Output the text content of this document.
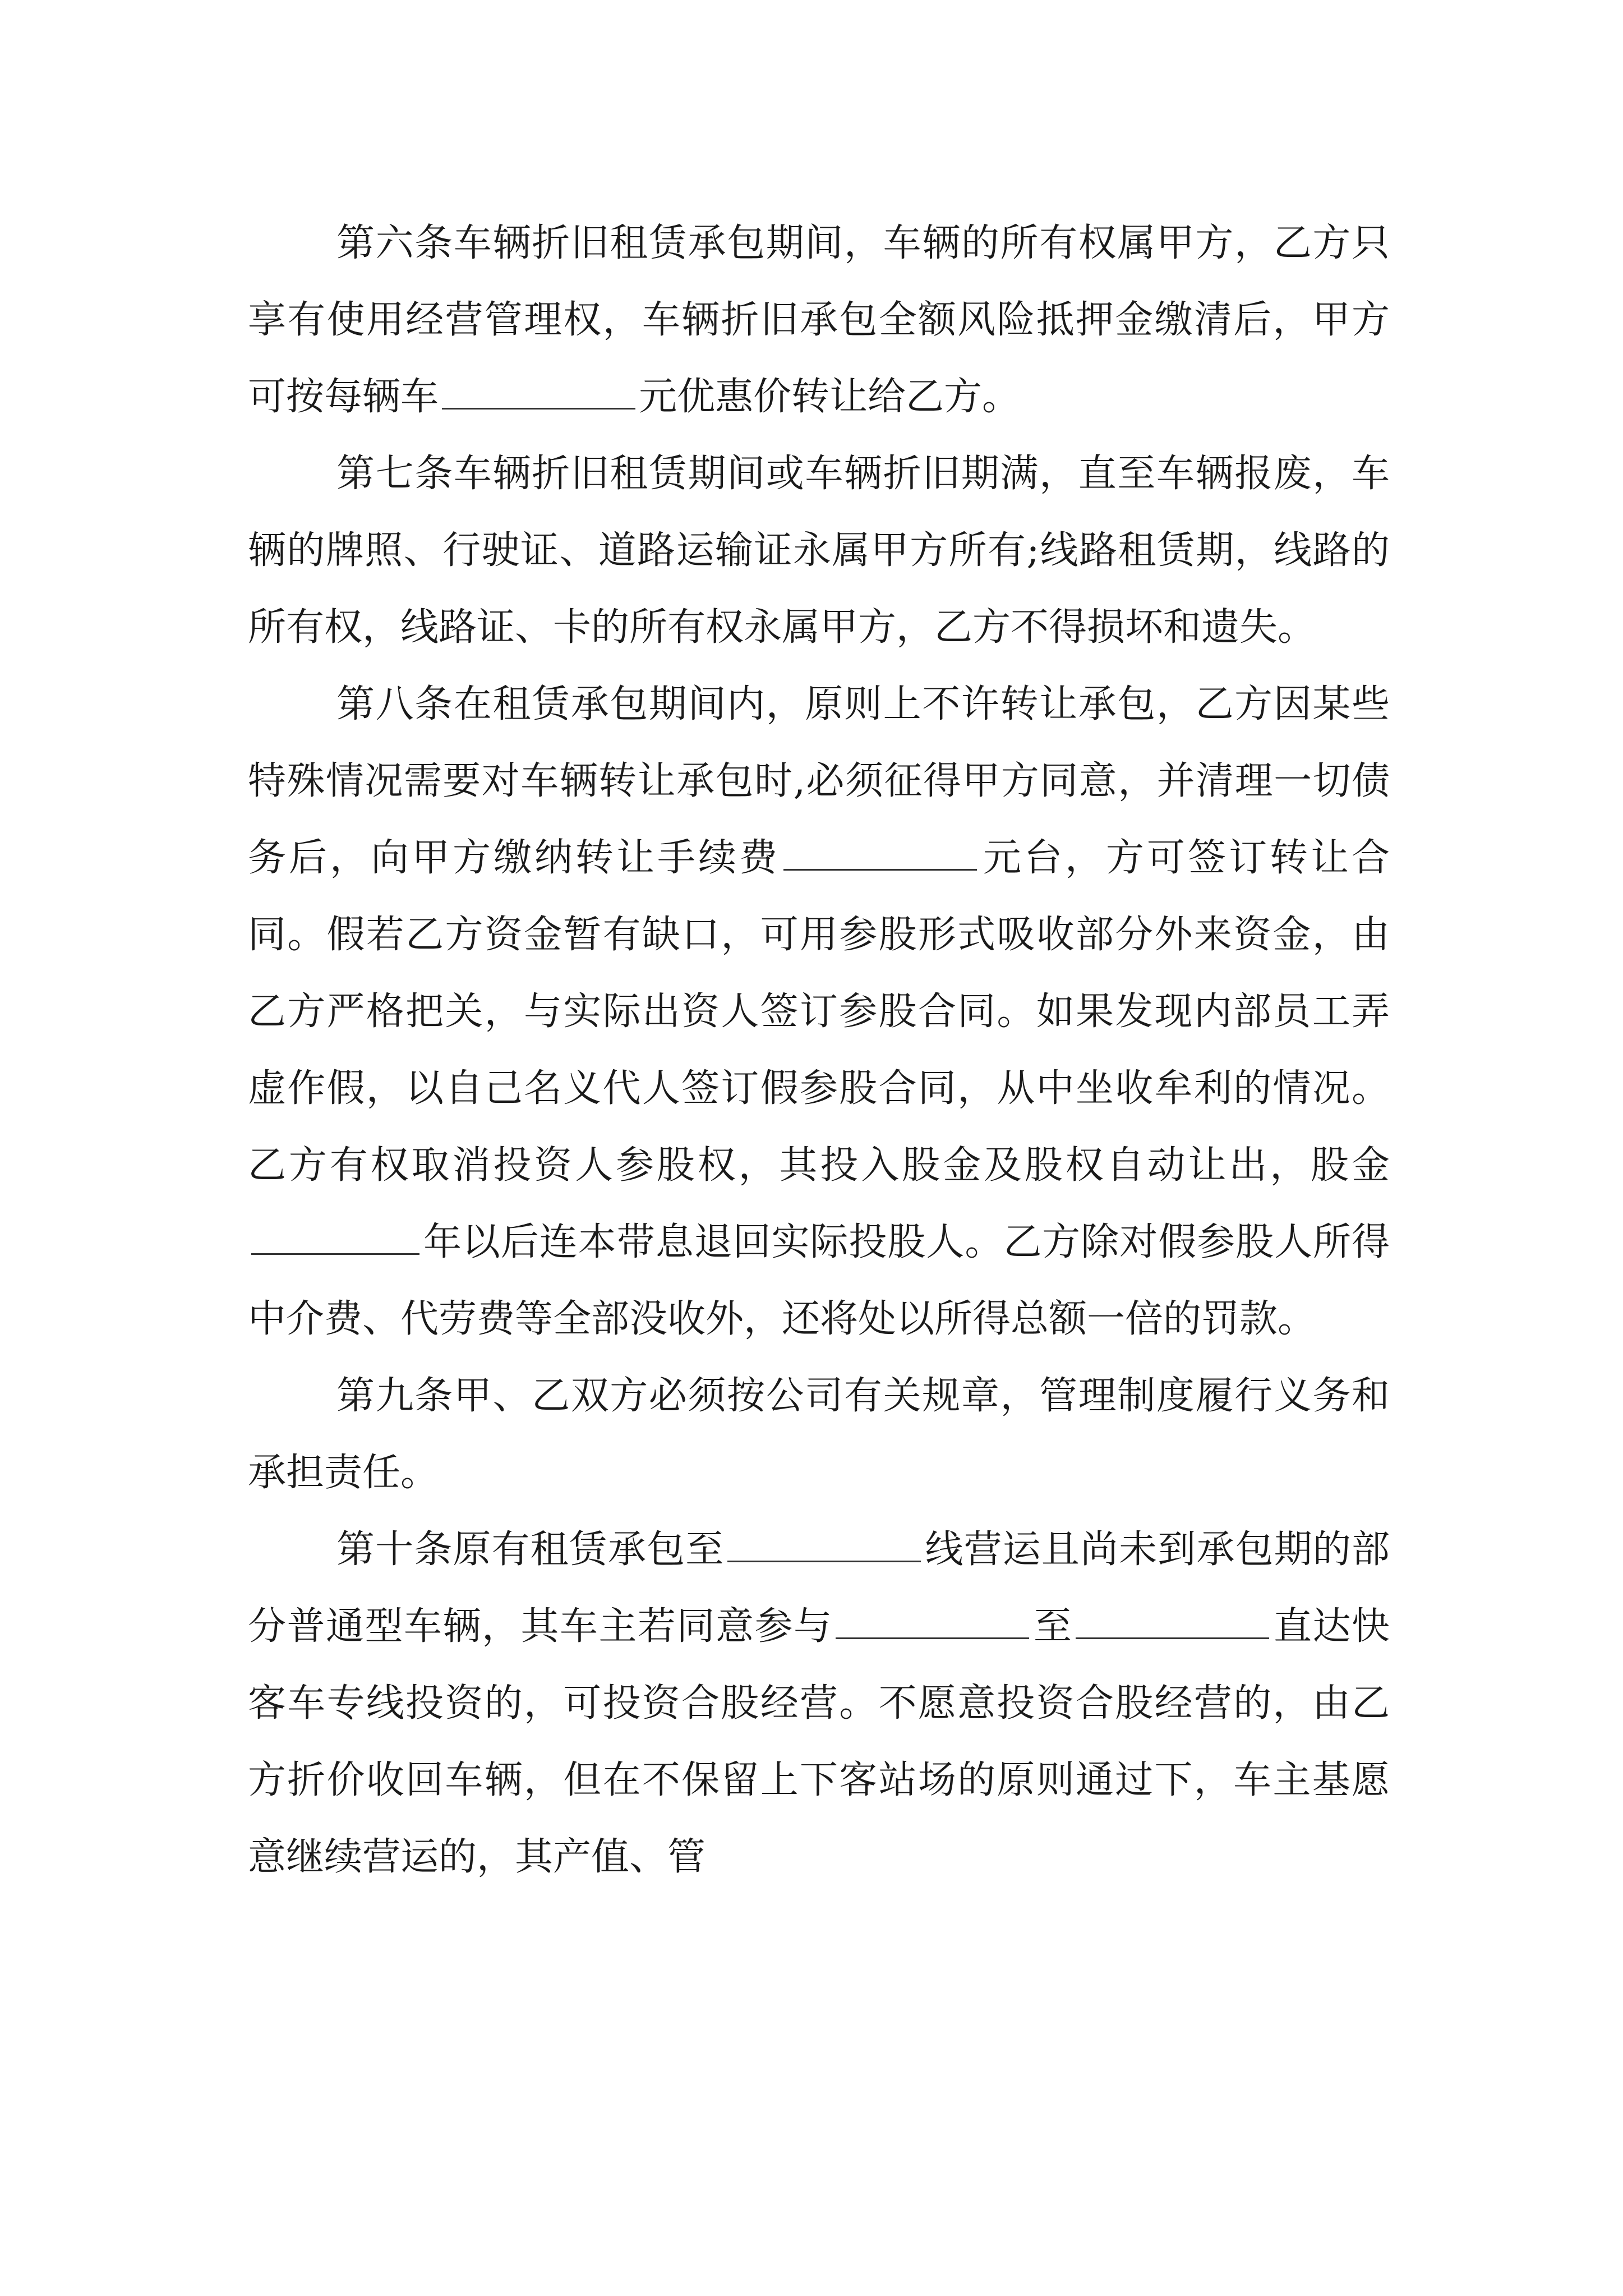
第六条车辆折旧租赁承包期间，车辆的所有权属甲方，乙方只享有使用经营管理权，车辆折旧承包全额风险抵押金缴清后，甲方可按每辆车	元优惠价转让给乙方。

第七条车辆折旧租赁期间或车辆折旧期满，直至车辆报废，车辆的牌照、行驶证、道路运输证永属甲方所有;线路租赁期，线路的所有权，线路证、卡的所有权永属甲方，乙方不得损坏和遗失。

第八条在租赁承包期间内，原则上不许转让承包，乙方因某些特殊情况需要对车辆转让承包时,必须征得甲方同意，并清理一切债务后，向甲方缴纳转让手续费	元台，方可签订转让合同。假若乙方资金暂有缺口，可用参股形式吸收部分外来资金，由乙方严格把关，与实际出资人签订参股合同。如果发现内部员工弄虚作假，以自己名义代人签订假参股合同，从中坐收牟利的情况。乙方有权取消投资人参股权，其投入股金及股权自动让出，股金年以后连本带息退回实际投股人。乙方除对假参股人所得中介费、代劳费等全部没收外，还将处以所得总额一倍的罚款。

第九条甲、乙双方必须按公司有关规章，管理制度履行义务和承担责任。

第十条原有租赁承包至	线营运且尚未到承包期的部分普通型车辆，其车主若同意参与	至	直达快客车专线投资的，可投资合股经营。不愿意投资合股经营的，由乙方折价收回车辆，但在不保留上下客站场的原则通过下，车主基愿意继续营运的，其产值、管
